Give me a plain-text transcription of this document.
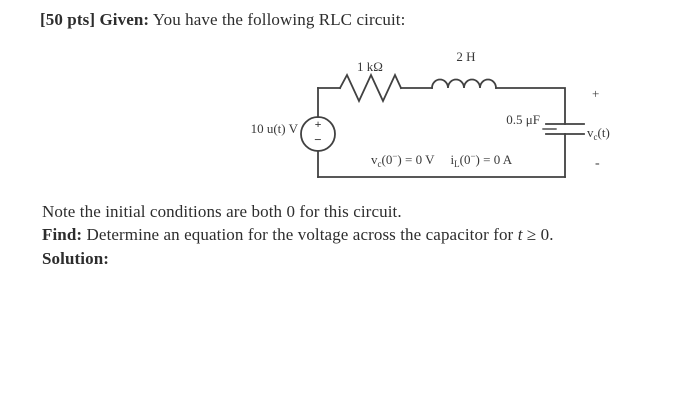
[50 pts] Given: You have the following RLC circuit:
1 kΩ
2 H
10 u(t) V +
−
0.5 μF
+
-
$v_c(t)$
$v_c(0^-) = 0$ V $i_L(0^-) = 0$ A
Note the initial conditions are both 0 for this circuit.
Find: Determine an equation for the voltage across the capacitor for t ≥ 0.
Solution:
